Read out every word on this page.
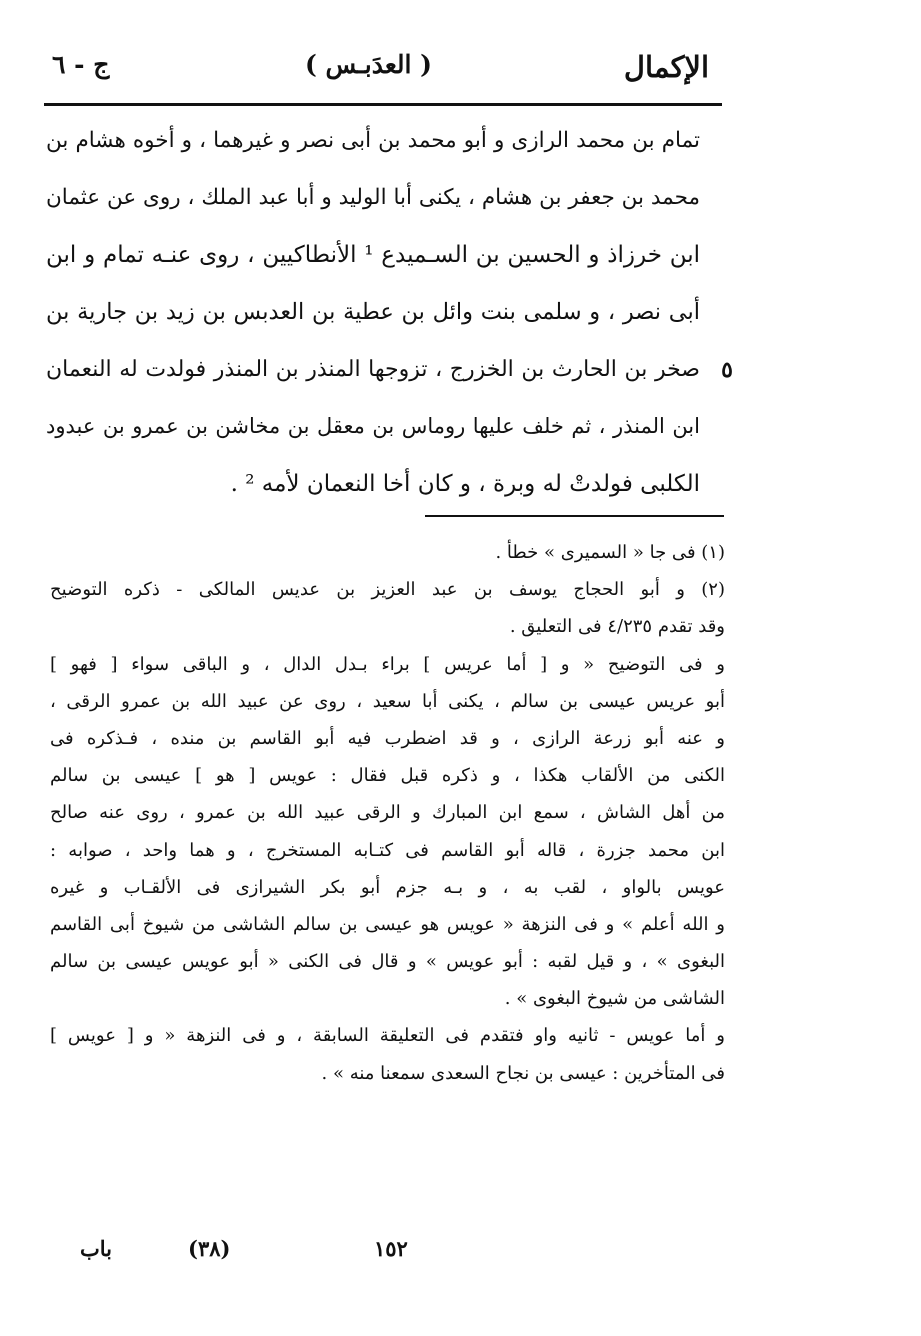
الإكمال
( العدَبـس )
ج - ٦
تمام بن محمد الرازى و أبو محمد بن أبى نصر و غيرهما ، و أخوه هشام بن
محمد بن جعفر بن هشام ، يكنى أبا الوليد و أبا عبد الملك ، روى عن عثمان
ابن خرزاذ و الحسين بن السـميدع ¹ الأنطاكيين ، روى عنـه تمام و ابن
أبى نصر ، و سلمى بنت وائل بن عطية بن العدبس بن زيد بن جارية بن
صخر بن الحارث بن الخزرج ، تزوجها المنذر بن المنذر فولدت له النعمان
ابن المنذر ، ثم خلف عليها روماس بن معقل بن مخاشن بن عمرو بن عبدود
الكلبى فولدتْ له وبرة ، و كان أخا النعمان لأمه ² .
٥
(١) فى جا « السميرى » خطأ .
(٢) و أبو الحجاج يوسف بن عبد العزيز بن عديس المالكى - ذكره التوضيح
وقد تقدم ٤/٢٣٥ فى التعليق .
و فى التوضيح « و [ أما عريس ] براء بـدل الدال ، و الباقى سواء [ فهو ]
أبو عريس عيسى بن سالم ، يكنى أبا سعيد ، روى عن عبيد الله بن عمرو الرقى ،
و عنه أبو زرعة الرازى ، و قد اضطرب فيه أبو القاسم بن منده ، فـذكره فى
الكنى من الألقاب هكذا ، و ذكره قبل فقال : عويس [ هو ] عيسى بن سالم
من أهل الشاش ، سمع ابن المبارك و الرقى عبيد الله بن عمرو ، روى عنه صالح
ابن محمد جزرة ، قاله أبو القاسم فى كتـابه المستخرج ، و هما واحد ، صوابه :
عويس بالواو ، لقب به ، و بـه جزم أبو بكر الشيرازى فى الألقـاب و غيره
و الله أعلم » و فى النزهة « عويس هو عيسى بن سالم الشاشى من شيوخ أبى القاسم
البغوى » ، و قيل لقبه : أبو عويس » و قال فى الكنى « أبو عويس عيسى بن سالم
الشاشى من شيوخ البغوى » .
و أما عويس - ثانيه واو فتقدم فى التعليقة السابقة ، و فى النزهة « و [ عويس ]
فى المتأخرين : عيسى بن نجاح السعدى سمعنا منه » .
١٥٢
(٣٨)
باب
